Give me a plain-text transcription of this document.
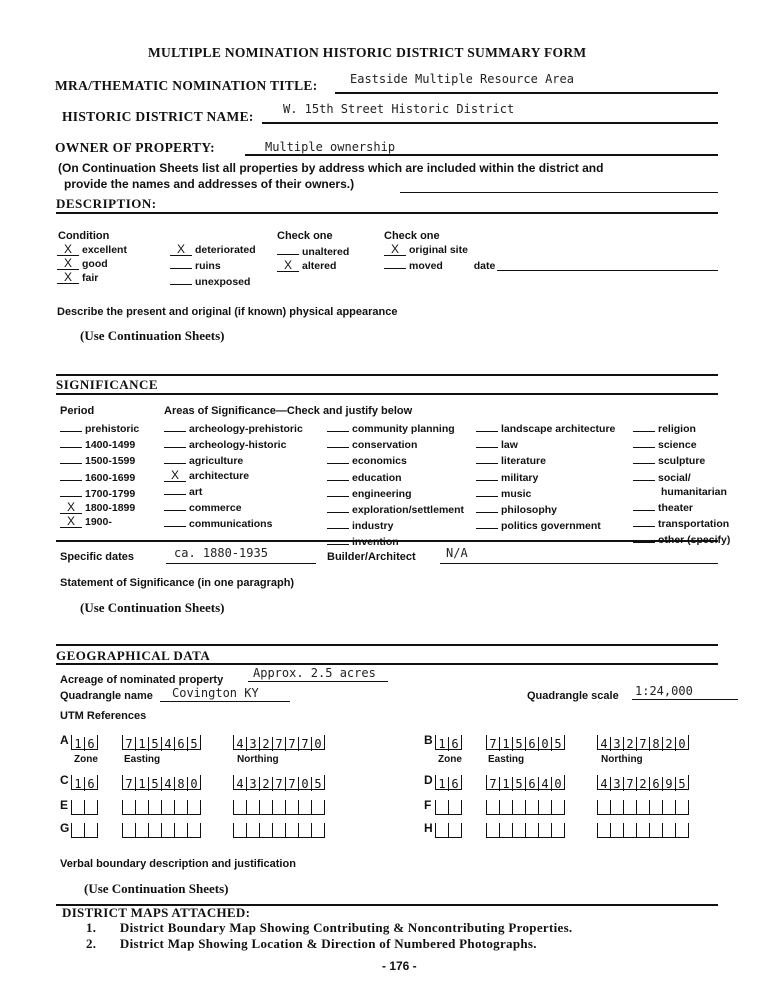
MULTIPLE NOMINATION HISTORIC DISTRICT SUMMARY FORM
MRA/THEMATIC NOMINATION TITLE:	Eastside Multiple Resource Area
HISTORIC DISTRICT NAME: W. 15th Street Historic District
OWNER OF PROPERTY:	Multiple ownership
(On Continuation Sheets list all properties by address which are included within the district and
provide the names and addresses of their owners.)
DESCRIPTION:
Condition
X excellent
X good
X fair
X deteriorated
ruins
unexposed
Check one
unaltered
X altered
Check one
X original site
moved	date
Describe the present and original (if known) physical appearance
(Use Continuation Sheets)
SIGNIFICANCE
Period	Areas of Significance—Check and justify below
prehistoric
1400-1499
1500-1599
1600-1699
1700-1799
X 1800-1899
X 1900-
archeology-prehistoric
archeology-historic
agriculture
X architecture
art
commerce
communications
community planning
conservation
economics
education
engineering
exploration/settlement
industry
invention
landscape architecture
law
literature
military
music
philosophy
politics government
religion
science
sculpture
social/
humanitarian
theater
transportation
other (specify)
Specific dates	ca. 1880-1935	Builder/Architect	N/A
Statement of Significance (in one paragraph)
(Use Continuation Sheets)
GEOGRAPHICAL DATA
Acreage of nominated property Approx. 2.5 acres
Quadrangle name Covington KY	Quadrangle scale 1:24,000
UTM References
A 1 6	7 1 5 4 6 5	4 3 2 7 7 7 0
Zone	Easting	Northing
B 1 6	7 1 5 6 0 5	4 3 2 7 8 2 0
Zone	Easting	Northing
C 1 6	7 1 5 4 8 0	4 3 2 7 7 0 5	D 1 6	7 1 5 6 4 0	4 3 7 2 6 9 5
E	F
G	H
Verbal boundary description and justification
(Use Continuation Sheets)
DISTRICT MAPS ATTACHED:
1. District Boundary Map Showing Contributing & Noncontributing Properties.
2. District Map Showing Location & Direction of Numbered Photographs.
- 176 -
